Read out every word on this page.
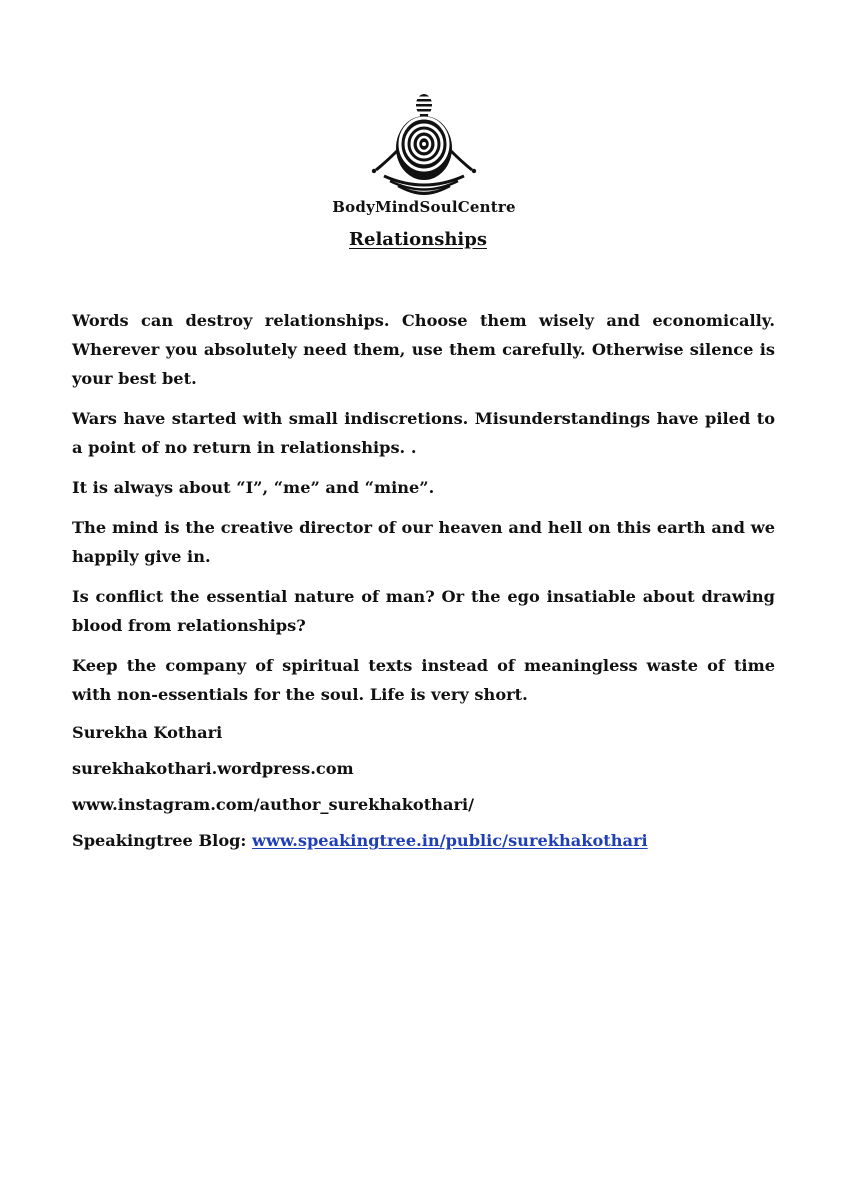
BodyMindSoulCentre
Relationships

Words can destroy relationships. Choose them wisely and economically. Wherever you absolutely need them, use them carefully. Otherwise silence is your best bet.

Wars have started with small indiscretions. Misunderstandings have piled to a point of no return in relationships. .

It is always about “I”, “me” and “mine”.

The mind is the creative director of our heaven and hell on this earth and we happily give in.

Is conflict the essential nature of man? Or the ego insatiable about drawing blood from relationships?

Keep the company of spiritual texts instead of meaningless waste of time with non-essentials for the soul. Life is very short.

Surekha Kothari
surekhakothari.wordpress.com
www.instagram.com/author_surekhakothari/
Speakingtree Blog: www.speakingtree.in/public/surekhakothari
